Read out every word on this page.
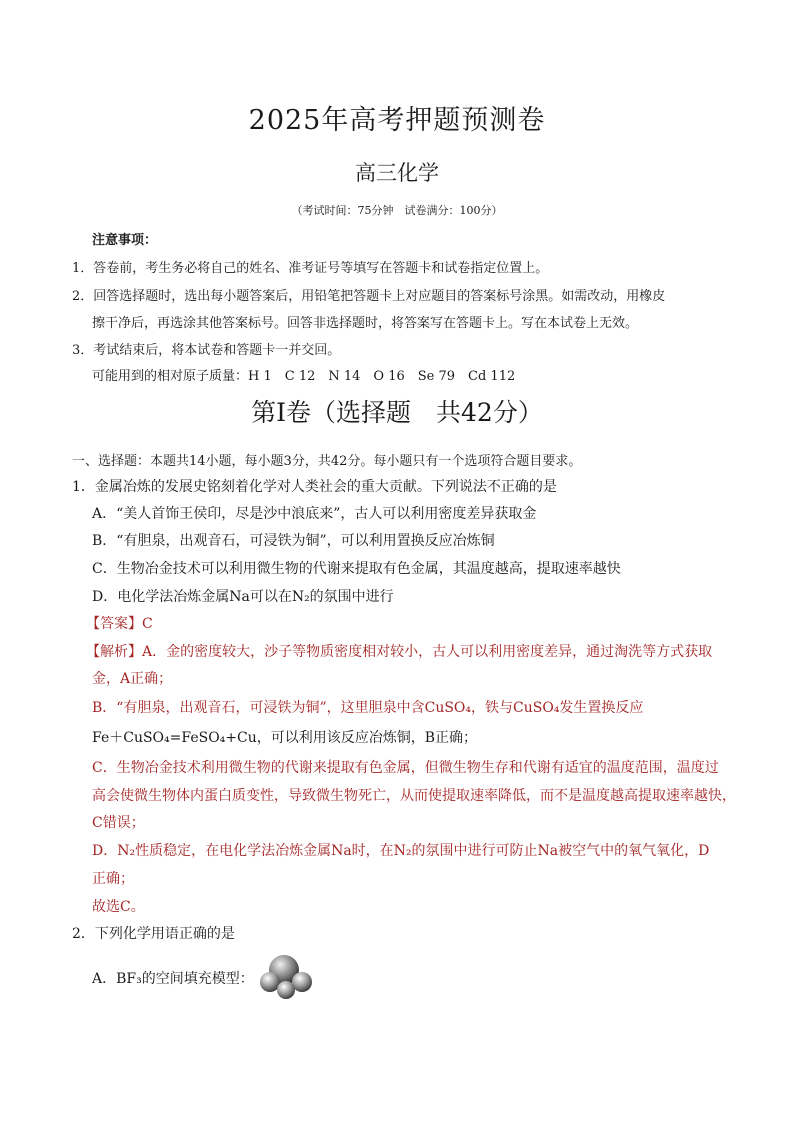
2025年高考押题预测卷
高三化学
（考试时间：75分钟　试卷满分：100分）
注意事项：
1．答卷前，考生务必将自己的姓名、准考证号等填写在答题卡和试卷指定位置上。
2．回答选择题时，选出每小题答案后，用铅笔把答题卡上对应题目的答案标号涂黑。如需改动，用橡皮
擦干净后，再选涂其他答案标号。回答非选择题时，将答案写在答题卡上。写在本试卷上无效。
3．考试结束后，将本试卷和答题卡一并交回。
可能用到的相对原子质量：H 1　C 12　N 14　O 16　Se 79　Cd 112
第Ⅰ卷（选择题　共42分）
一、选择题：本题共14小题，每小题3分，共42分。每小题只有一个选项符合题目要求。
1．金属冶炼的发展史铭刻着化学对人类社会的重大贡献。下列说法不正确的是
A．“美人首饰王侯印，尽是沙中浪底来”，古人可以利用密度差异获取金
B．“有胆泉，出观音石，可浸铁为铜”，可以利用置换反应冶炼铜
C．生物冶金技术可以利用微生物的代谢来提取有色金属，其温度越高，提取速率越快
D．电化学法冶炼金属Na可以在N₂的氛围中进行
【答案】C
【解析】A．金的密度较大，沙子等物质密度相对较小，古人可以利用密度差异，通过淘洗等方式获取
金，A正确；
B．“有胆泉，出观音石，可浸铁为铜”，这里胆泉中含CuSO₄，铁与CuSO₄发生置换反应
Fe＋CuSO₄=FeSO₄+Cu，可以利用该反应冶炼铜，B正确；
C．生物冶金技术利用微生物的代谢来提取有色金属，但微生物生存和代谢有适宜的温度范围，温度过
高会使微生物体内蛋白质变性，导致微生物死亡，从而使提取速率降低，而不是温度越高提取速率越快，
C错误；
D．N₂性质稳定，在电化学法冶炼金属Na时，在N₂的氛围中进行可防止Na被空气中的氧气氧化，D
正确；
故选C。
2．下列化学用语正确的是
A．BF₃的空间填充模型：
